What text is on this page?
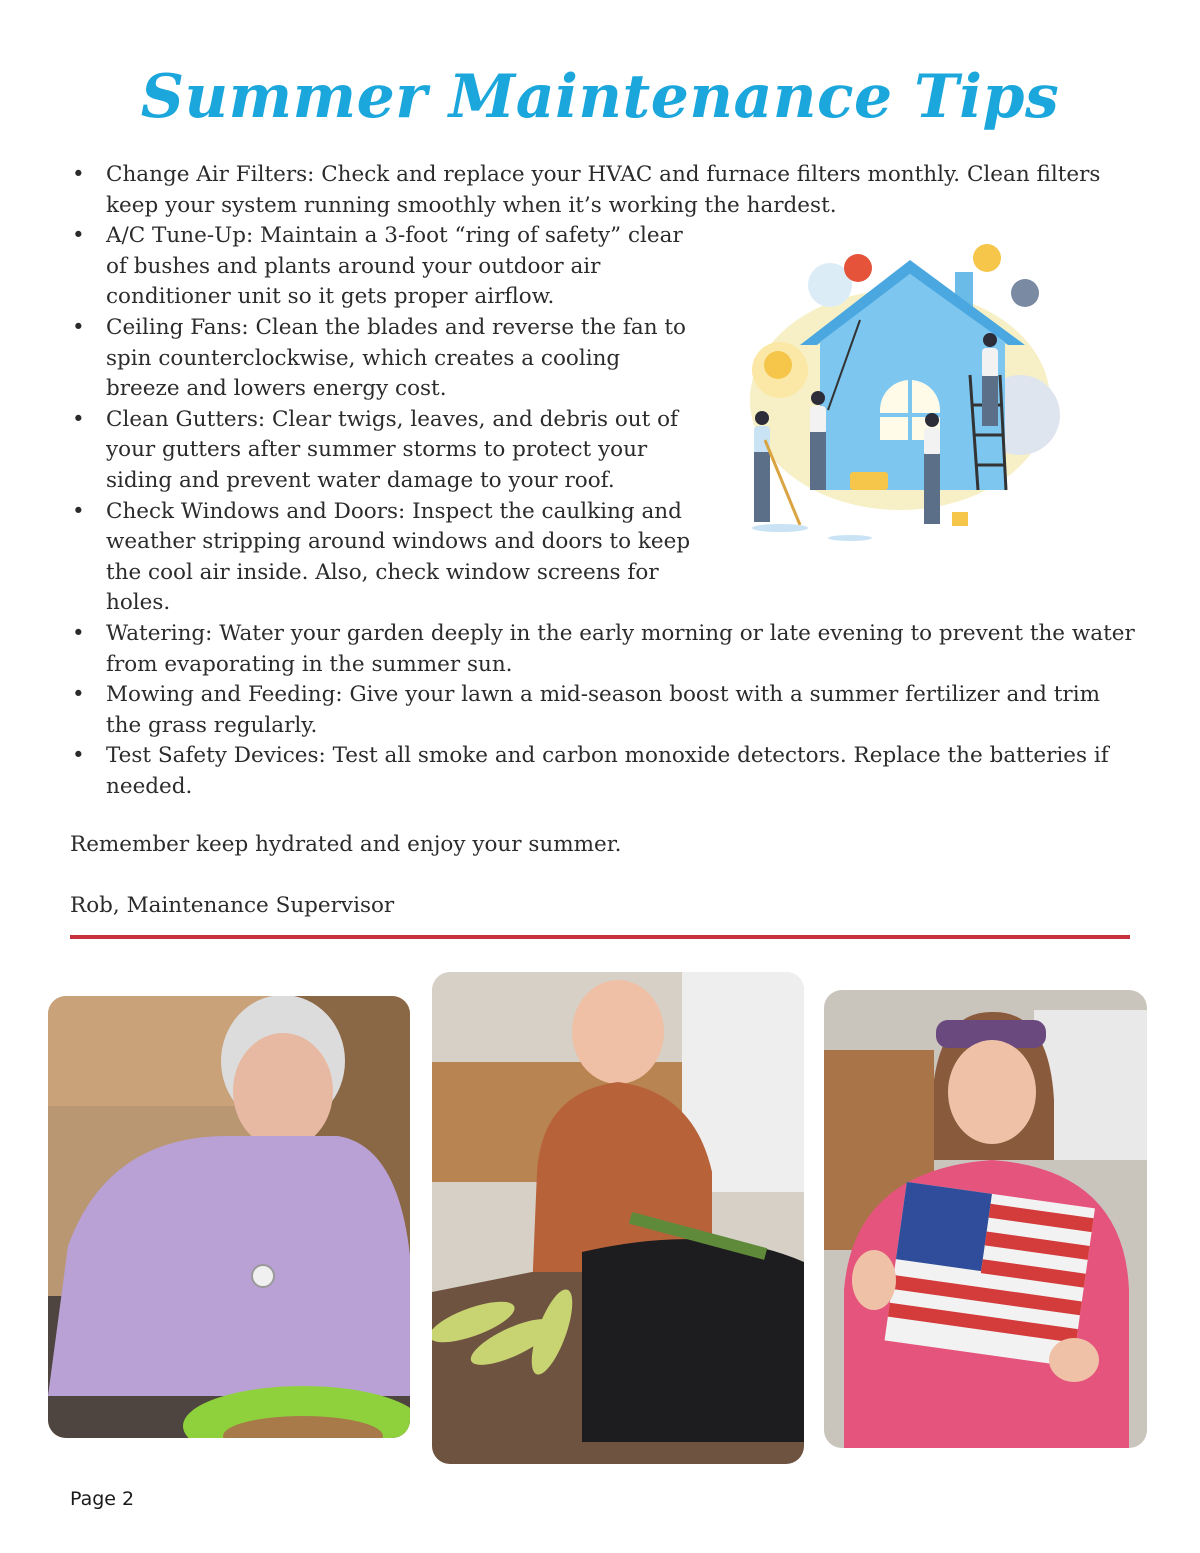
Summer Maintenance Tips
• Change Air Filters: Check and replace your HVAC and furnace filters monthly. Clean filters keep your system running smoothly when it’s working the hardest.
• A/C Tune-Up: Maintain a 3-foot “ring of safety” clear of bushes and plants around your outdoor air conditioner unit so it gets proper airflow.
• Ceiling Fans: Clean the blades and reverse the fan to spin counterclockwise, which creates a cooling breeze and lowers energy cost.
• Clean Gutters: Clear twigs, leaves, and debris out of your gutters after summer storms to protect your siding and prevent water damage to your roof.
• Check Windows and Doors: Inspect the caulking and weather stripping around windows and doors to keep the cool air inside. Also, check window screens for holes.
• Watering: Water your garden deeply in the early morning or late evening to prevent the water from evaporating in the summer sun.
• Mowing and Feeding: Give your lawn a mid-season boost with a summer fertilizer and trim the grass regularly.
• Test Safety Devices: Test all smoke and carbon monoxide detectors. Replace the batteries if needed.

Remember keep hydrated and enjoy your summer.

Rob, Maintenance Supervisor

Page 2
